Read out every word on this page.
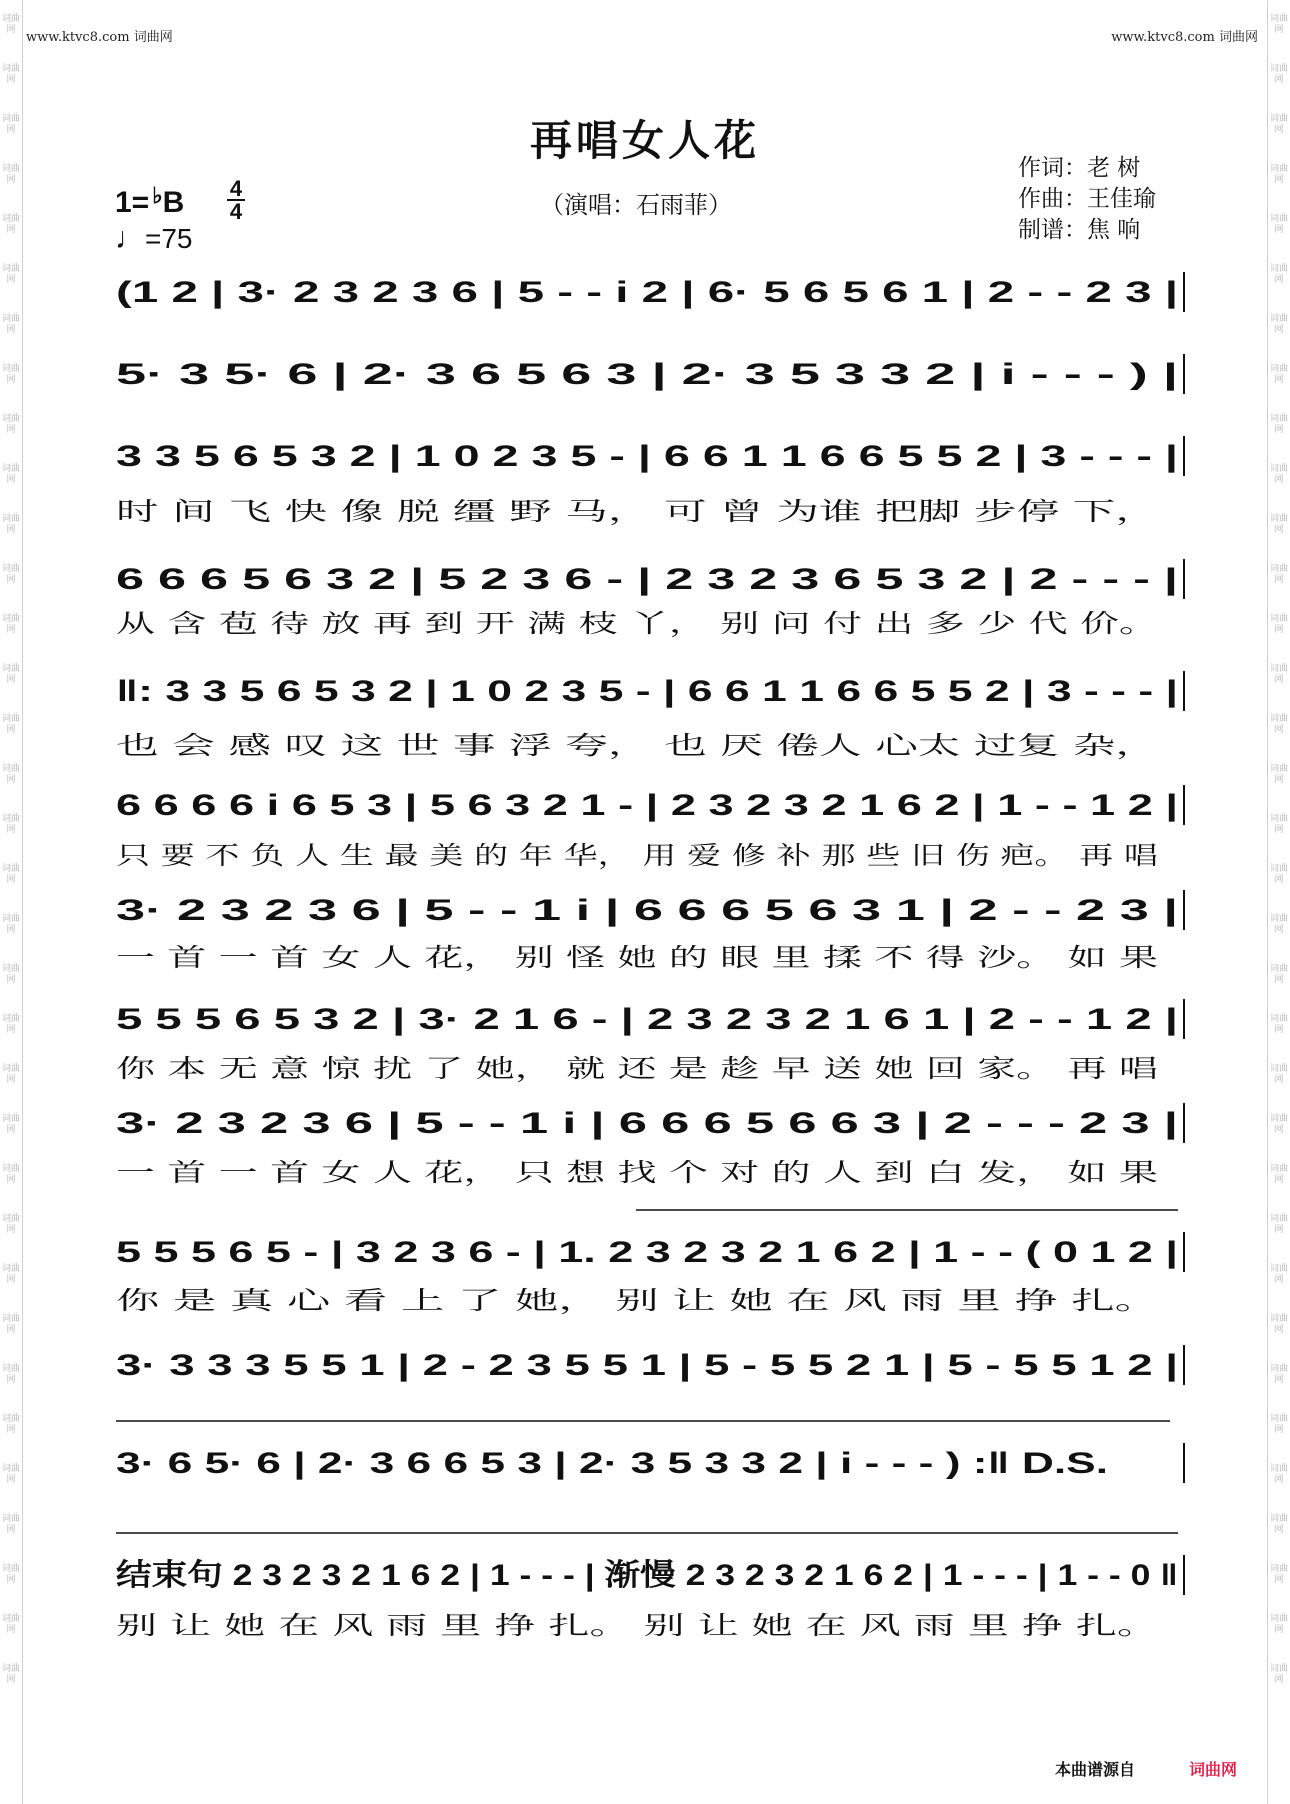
词曲网
词曲网
词曲网
词曲网
词曲网
词曲网
词曲网
词曲网
词曲网
词曲网
词曲网
词曲网
词曲网
词曲网
词曲网
词曲网
词曲网
词曲网
词曲网
词曲网
词曲网
词曲网
词曲网
词曲网
词曲网
词曲网
词曲网
词曲网
词曲网
词曲网
词曲网
词曲网
词曲网
词曲网
词曲网
词曲网
词曲网
词曲网
词曲网
词曲网
词曲网
词曲网
词曲网
词曲网
词曲网
词曲网
词曲网
词曲网
词曲网
词曲网
词曲网
词曲网
词曲网
词曲网
词曲网
词曲网
词曲网
词曲网
词曲网
词曲网
词曲网
词曲网
词曲网
词曲网
词曲网
词曲网
词曲网
词曲网
www.ktvc8.com 词曲网	www.ktvc8.com 词曲网
再唱女人花
（演唱：石雨菲）
作词：老 树
作曲：王佳瑜
制谱：焦 响
1= ♭B 4
4
♩=75
(1 2 | 3· 2 3 2 3 6 | 5 - - i 2 | 6· 5 6 5 6 1 | 2 - - 2 3 |
5· 3 5· 6 | 2· 3 6 5 6 3 | 2· 3 5 3 3 2 | i - - - ) |
3 3 5 6 5 3 2 | 1 0 2 3 5 - | 6 6 1 1 6 6 5 5 2 | 3 - - - |
时 间 飞 快 像 脱 缰 野 马， 可 曾 为谁 把脚 步停 下，
6 6 6 5 6 3 2 | 5 2 3 6 - | 2 3 2 3 6 5 3 2 | 2 - - - |
从 含 苞 待 放 再 到 开 满 枝 丫， 别 问 付 出 多 少 代 价。
‖: 3 3 5 6 5 3 2 | 1 0 2 3 5 - | 6 6 1 1 6 6 5 5 2 | 3 - - - |
也 会 感 叹 这 世 事 浮 夸， 也 厌 倦人 心太 过复 杂，
6 6 6 6 i 6 5 3 | 5 6 3 2 1 - | 2 3 2 3 2 1 6 2 | 1 - - 1 2 |
只 要 不 负 人 生 最 美 的 年 华， 用 爱 修 补 那 些 旧 伤 疤。 再 唱
3· 2 3 2 3 6 | 5 - - 1 i | 6 6 6 5 6 3 1 | 2 - - 2 3 |
一 首 一 首 女 人 花， 别 怪 她 的 眼 里 揉 不 得 沙。 如 果
5 5 5 6 5 3 2 | 3· 2 1 6 - | 2 3 2 3 2 1 6 1 | 2 - - 1 2 |
你 本 无 意 惊 扰 了 她， 就 还 是 趁 早 送 她 回 家。 再 唱
3· 2 3 2 3 6 | 5 - - 1 i | 6 6 6 5 6 6 3 | 2 - - - 2 3 |
一 首 一 首 女 人 花， 只 想 找 个 对 的 人 到 白 发， 如 果
5 5 5 6 5 - | 3 2 3 6 - | 1. 2 3 2 3 2 1 6 2 | 1 - - ( 0 1 2 |
你 是 真 心 看 上 了 她， 别 让 她 在 风 雨 里 挣 扎。
3· 3 3 3 5 5 1 | 2 - 2 3 5 5 1 | 5 - 5 5 2 1 | 5 - 5 5 1 2 |
3· 6 5· 6 | 2· 3 6 6 5 3 | 2· 3 5 3 3 2 | i - - - ) :‖ D.S.
结束句 2 3 2 3 2 1 6 2 | 1 - - - | 渐慢 2 3 2 3 2 1 6 2 | 1 - - - | 1 - - 0 ‖
别 让 她 在 风 雨 里 挣 扎。 别 让 她 在 风 雨 里 挣 扎。
本曲谱源自	词曲网
